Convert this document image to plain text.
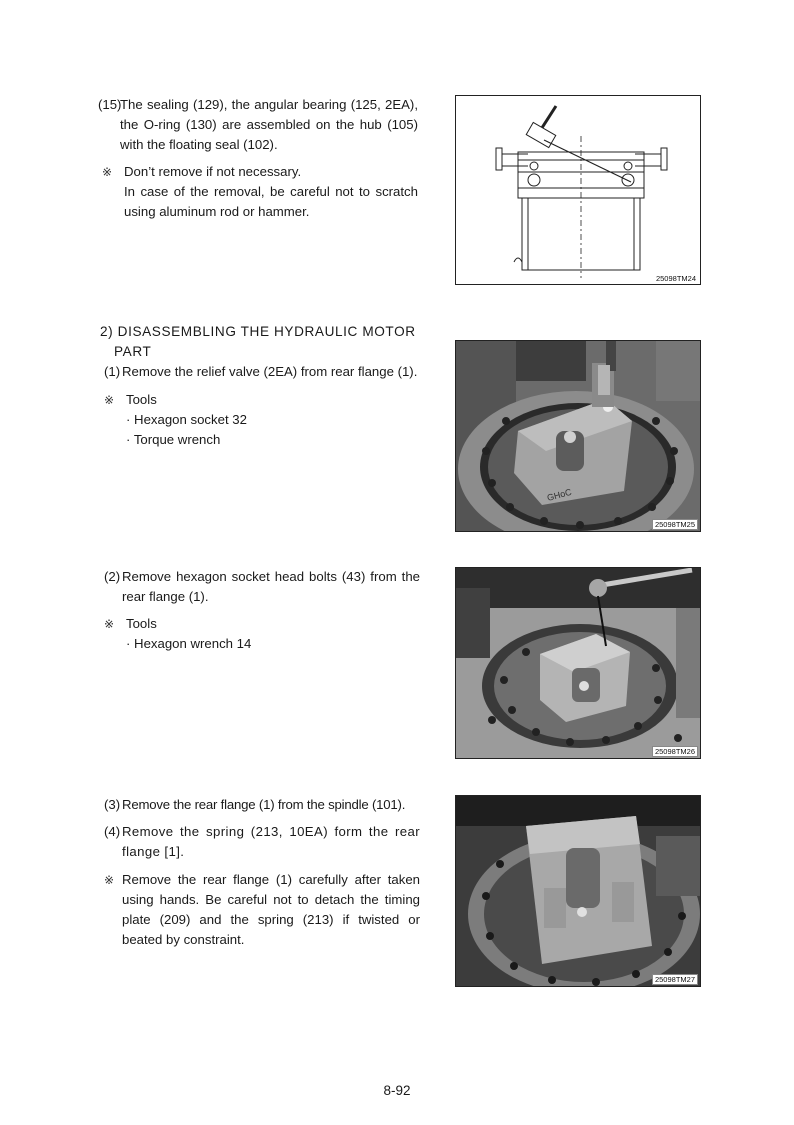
(15)
The sealing (129), the angular bearing (125, 2EA), the O-ring (130) are assembled on the hub (105) with the floating seal (102).
※ Don’t remove if not necessary.
In case of the removal, be careful not to scratch using aluminum rod or hammer.
25098TM24
2) DISASSEMBLING THE HYDRAULIC MOTOR
PART
(1) Remove the relief valve (2EA) from rear flange (1).
※ Tools
· Hexagon socket 32
· Torque wrench
GHoC
25098TM25
(2) Remove hexagon socket head bolts (43) from the rear flange (1).
※ Tools
· Hexagon wrench 14
25098TM26
(3) Remove the rear flange (1) from the spindle (101).
(4) Remove the spring (213, 10EA) form the rear flange [1].
※ Remove the rear flange (1) carefully after taken using hands. Be careful not to detach the timing plate (209) and the spring (213) if twisted or beated by constraint.
25098TM27
8-92
